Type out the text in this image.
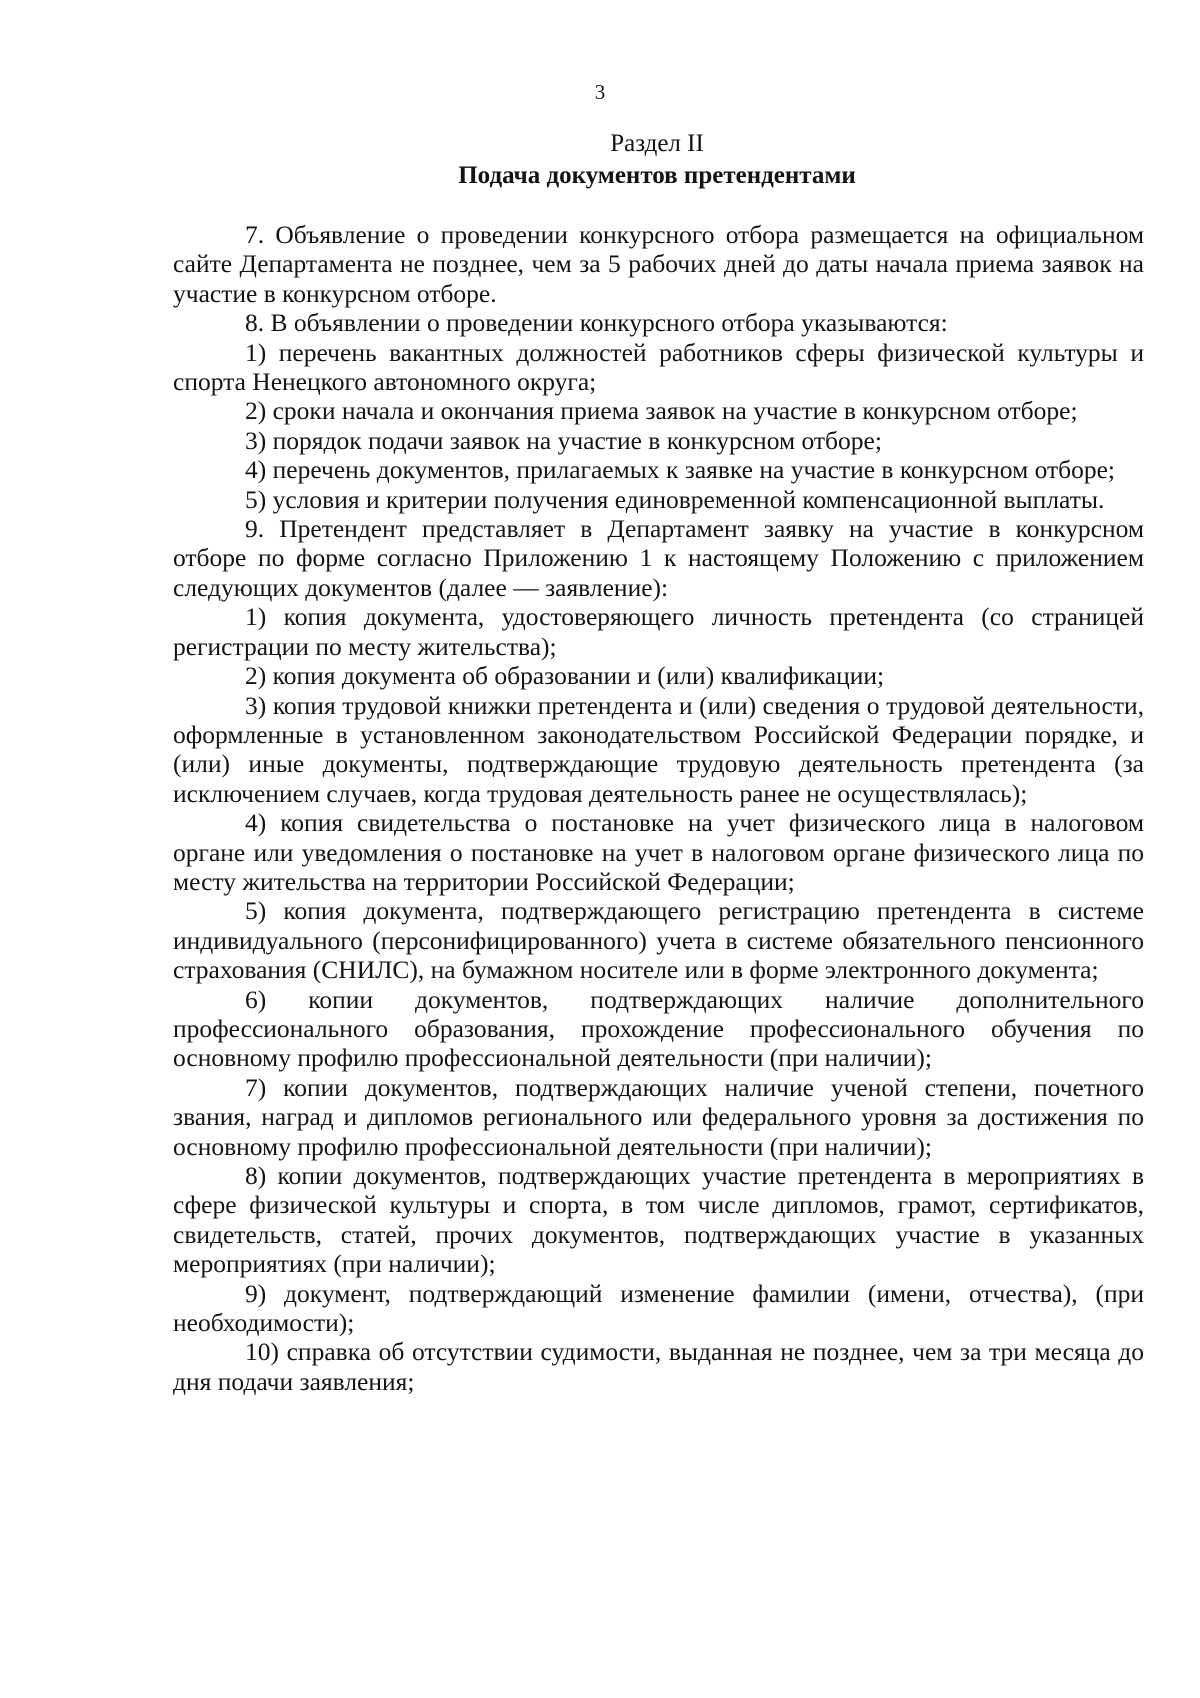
3
Раздел II
Подача документов претендентами

7. Объявление о проведении конкурсного отбора размещается на официальном сайте Департамента не позднее, чем за 5 рабочих дней до даты начала приема заявок на участие в конкурсном отборе.

8. В объявлении о проведении конкурсного отбора указываются:

1) перечень вакантных должностей работников сферы физической культуры и спорта Ненецкого автономного округа;

2) сроки начала и окончания приема заявок на участие в конкурсном отборе;

3) порядок подачи заявок на участие в конкурсном отборе;

4) перечень документов, прилагаемых к заявке на участие в конкурсном отборе;

5) условия и критерии получения единовременной компенсационной выплаты.

9. Претендент представляет в Департамент заявку на участие в конкурсном отборе по форме согласно Приложению 1 к настоящему Положению с приложением следующих документов (далее — заявление):

1) копия документа, удостоверяющего личность претендента (со страницей регистрации по месту жительства);

2) копия документа об образовании и (или) квалификации;

3) копия трудовой книжки претендента и (или) сведения о трудовой деятельности, оформленные в установленном законодательством Российской Федерации порядке, и (или) иные документы, подтверждающие трудовую деятельность претендента (за исключением случаев, когда трудовая деятельность ранее не осуществлялась);

4) копия свидетельства о постановке на учет физического лица в налоговом органе или уведомления о постановке на учет в налоговом органе физического лица по месту жительства на территории Российской Федерации;

5) копия документа, подтверждающего регистрацию претендента в системе индивидуального (персонифицированного) учета в системе обязательного пенсионного страхования (СНИЛС), на бумажном носителе или в форме электронного документа;

6) копии документов, подтверждающих наличие дополнительного профессионального образования, прохождение профессионального обучения по основному профилю профессиональной деятельности (при наличии);

7) копии документов, подтверждающих наличие ученой степени, почетного звания, наград и дипломов регионального или федерального уровня за достижения по основному профилю профессиональной деятельности (при наличии);

8) копии документов, подтверждающих участие претендента в мероприятиях в сфере физической культуры и спорта, в том числе дипломов, грамот, сертификатов, свидетельств, статей, прочих документов, подтверждающих участие в указанных мероприятиях (при наличии);

9) документ, подтверждающий изменение фамилии (имени, отчества), (при необходимости);

10) справка об отсутствии судимости, выданная не позднее, чем за три месяца до дня подачи заявления;
